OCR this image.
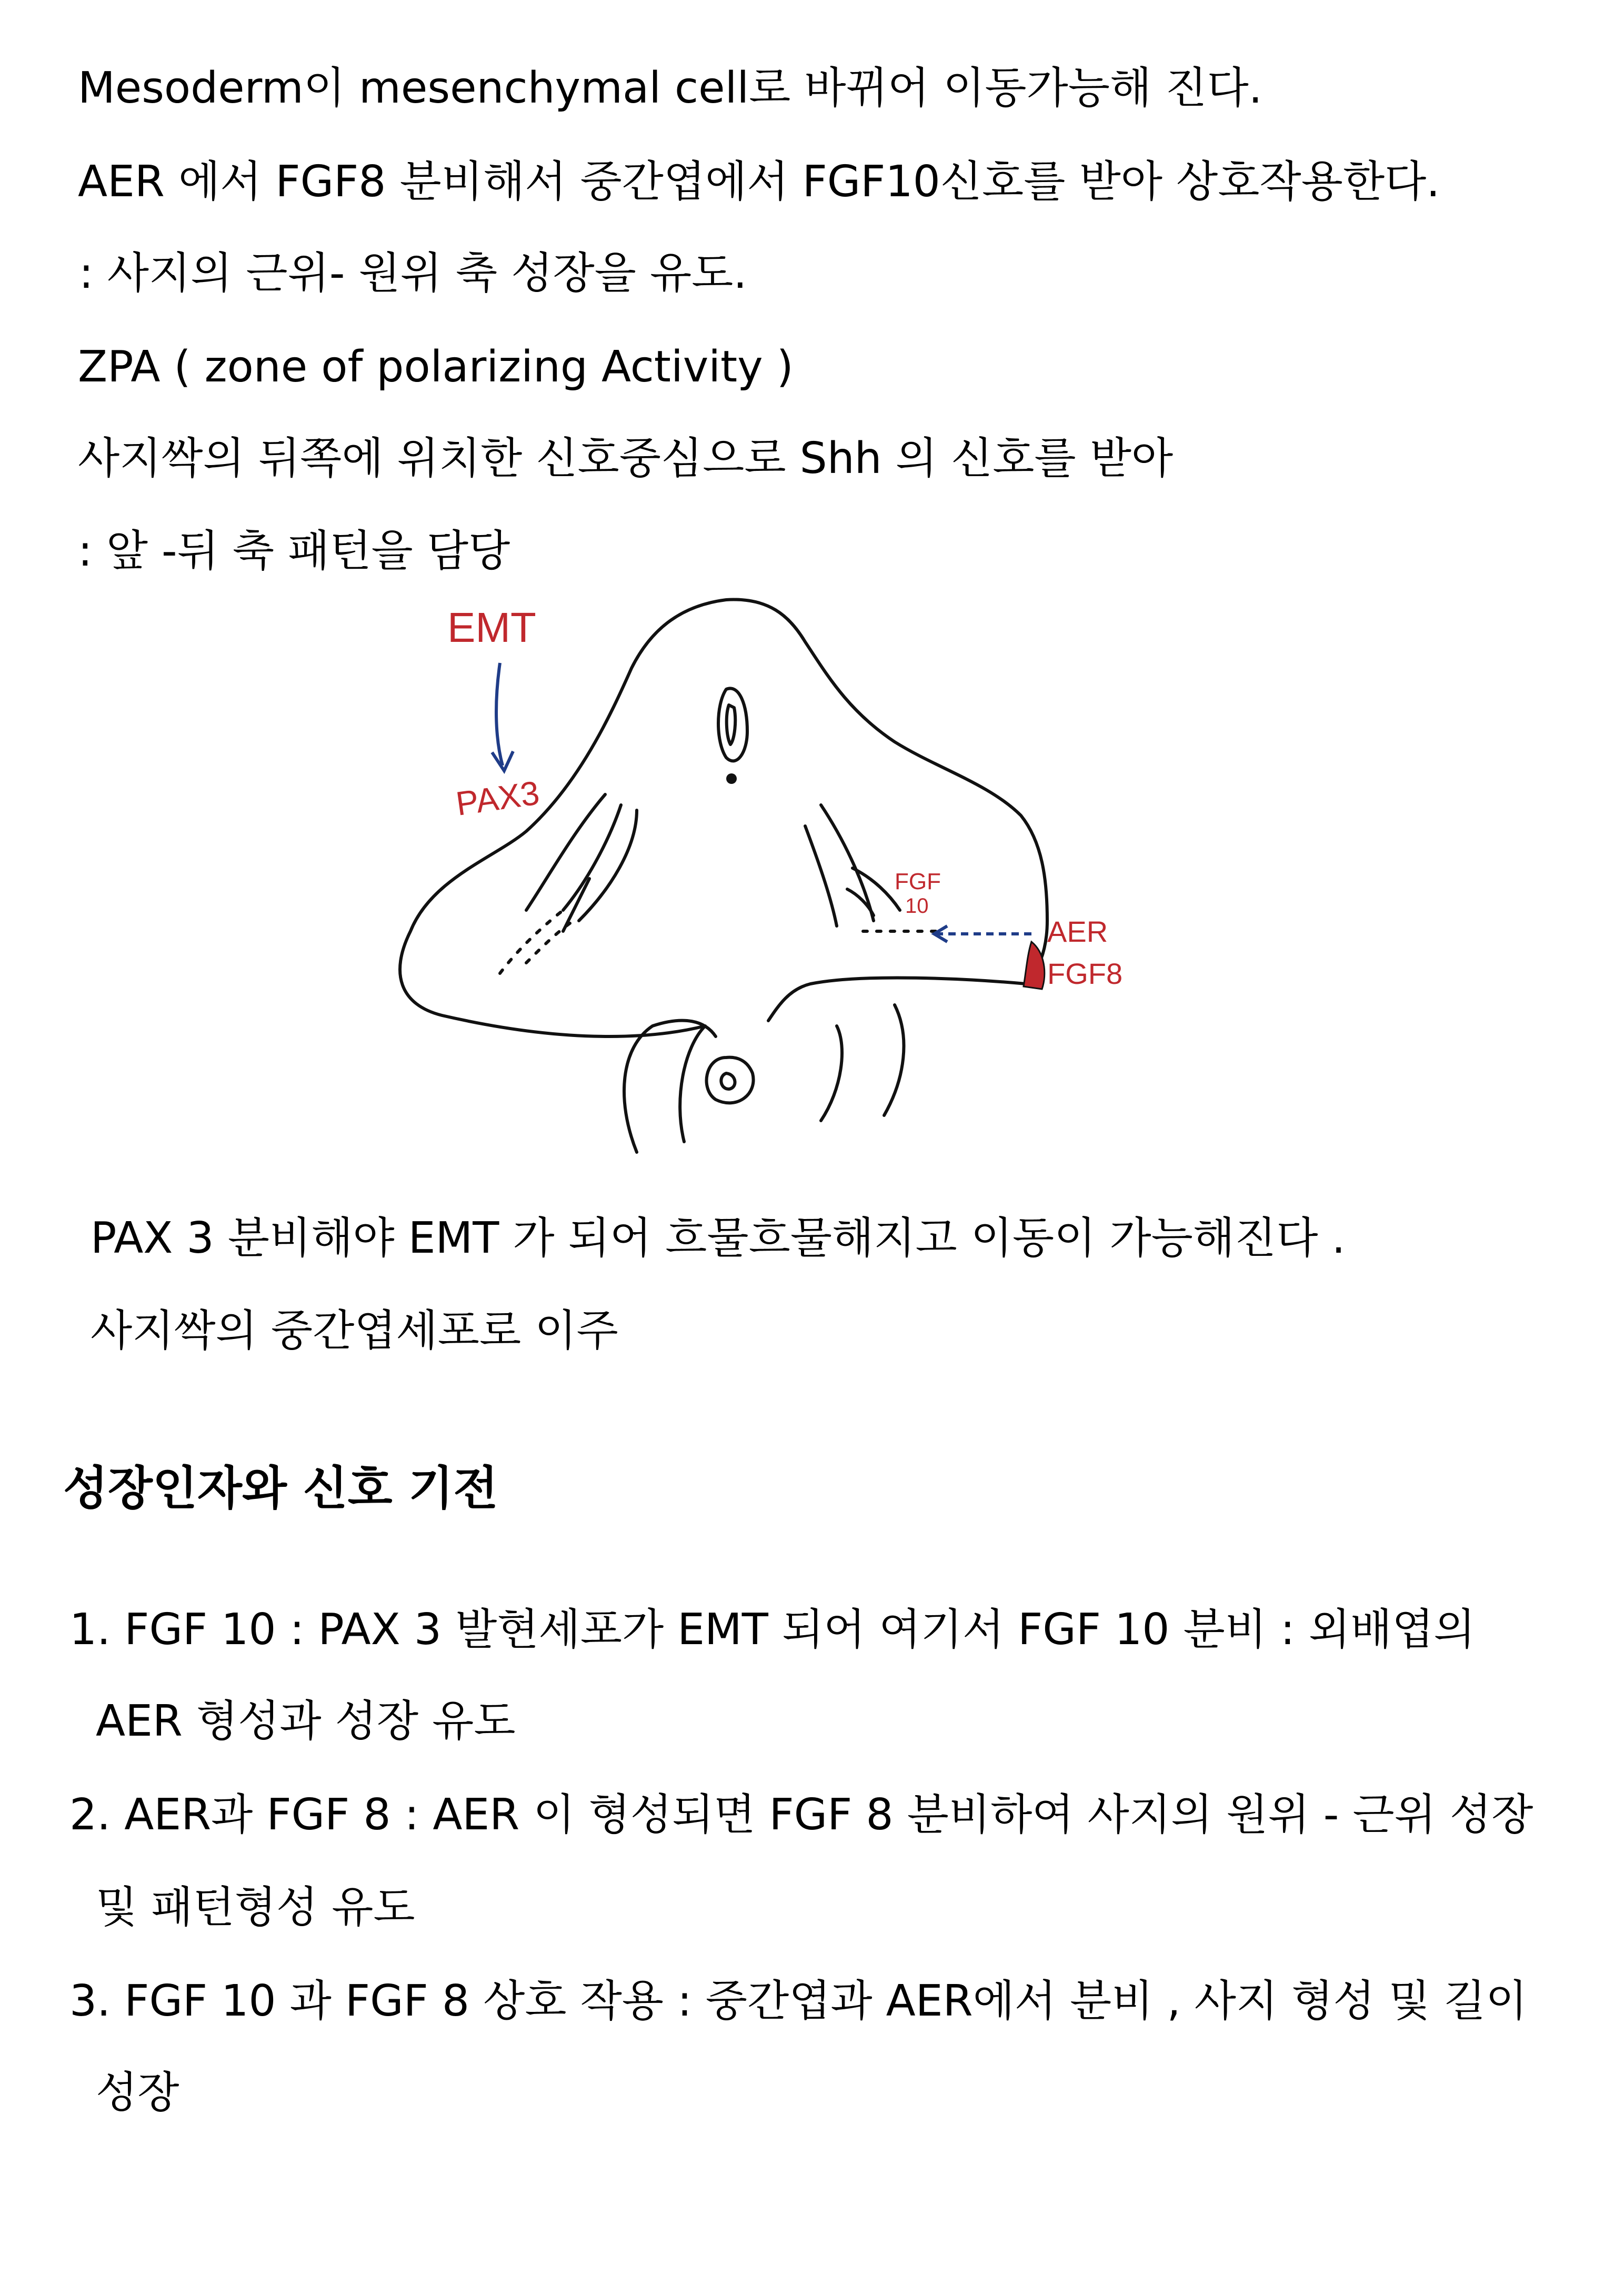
Mesoderm이 mesenchymal cell로 바뀌어 이동가능해 진다.

AER 에서 FGF8 분비해서 중간엽에서 FGF10신호를 받아 상호작용한다.

: 사지의 근위- 원위 축 성장을 유도.

ZPA ( zone of polarizing Activity )

사지싹의 뒤쪽에 위치한 신호중심으로 Shh 의 신호를 받아

: 앞 -뒤 축 패턴을 담당

EMT
PAX3
FGF
10
AER
FGF8

PAX 3 분비해야 EMT 가 되어 흐물흐물해지고 이동이 가능해진다 .

사지싹의 중간엽세포로 이주

성장인자와 신호 기전

1. FGF 10 : PAX 3 발현세포가 EMT 되어 여기서 FGF 10 분비 : 외배엽의

AER 형성과 성장 유도

2. AER과 FGF 8 : AER 이 형성되면 FGF 8 분비하여 사지의 원위 - 근위 성장

및 패턴형성 유도

3. FGF 10 과 FGF 8 상호 작용 : 중간엽과 AER에서 분비 , 사지 형성 및 길이

성장
